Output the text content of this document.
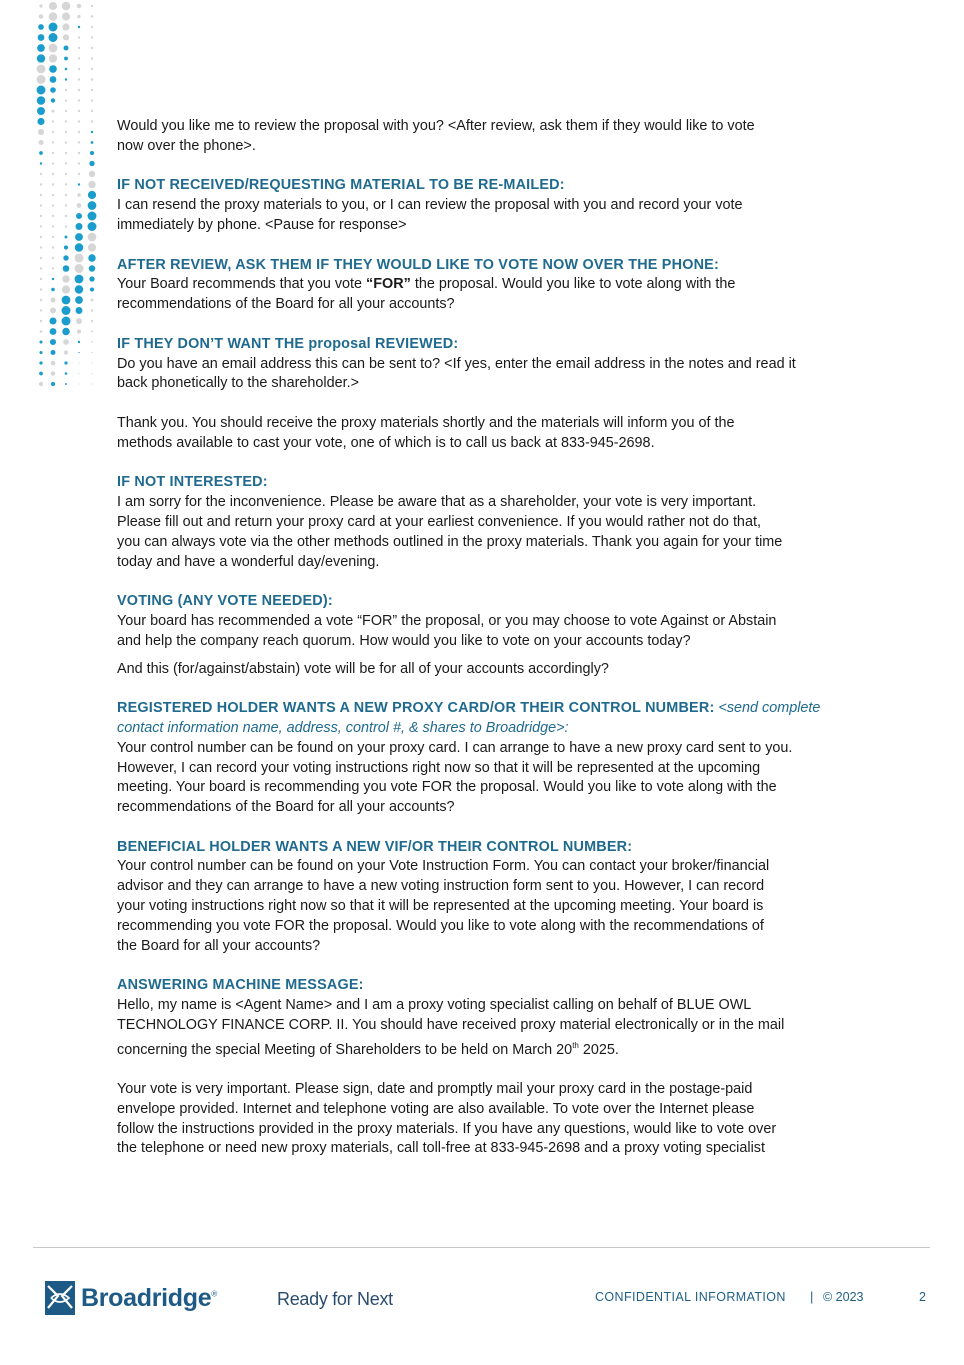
Would you like me to review the proposal with you? <After review, ask them if they would like to vote
now over the phone>.

IF NOT RECEIVED/REQUESTING MATERIAL TO BE RE-MAILED:

I can resend the proxy materials to you, or I can review the proposal with you and record your vote
immediately by phone. <Pause for response>

AFTER REVIEW, ASK THEM IF THEY WOULD LIKE TO VOTE NOW OVER THE PHONE:

Your Board recommends that you vote “FOR” the proposal. Would you like to vote along with the
recommendations of the Board for all your accounts?

IF THEY DON’T WANT THE proposal REVIEWED:

Do you have an email address this can be sent to? <If yes, enter the email address in the notes and read it
back phonetically to the shareholder.>

Thank you. You should receive the proxy materials shortly and the materials will inform you of the
methods available to cast your vote, one of which is to call us back at 833-945-2698.

IF NOT INTERESTED:

I am sorry for the inconvenience. Please be aware that as a shareholder, your vote is very important.
Please fill out and return your proxy card at your earliest convenience. If you would rather not do that,
you can always vote via the other methods outlined in the proxy materials. Thank you again for your time
today and have a wonderful day/evening.

VOTING (ANY VOTE NEEDED):

Your board has recommended a vote “FOR” the proposal, or you may choose to vote Against or Abstain
and help the company reach quorum. How would you like to vote on your accounts today?

And this (for/against/abstain) vote will be for all of your accounts accordingly?

REGISTERED HOLDER WANTS A NEW PROXY CARD/OR THEIR CONTROL NUMBER: <send complete
contact information name, address, control #, & shares to Broadridge>:

Your control number can be found on your proxy card. I can arrange to have a new proxy card sent to you.
However, I can record your voting instructions right now so that it will be represented at the upcoming
meeting. Your board is recommending you vote FOR the proposal. Would you like to vote along with the
recommendations of the Board for all your accounts?

BENEFICIAL HOLDER WANTS A NEW VIF/OR THEIR CONTROL NUMBER:

Your control number can be found on your Vote Instruction Form. You can contact your broker/financial
advisor and they can arrange to have a new voting instruction form sent to you. However, I can record
your voting instructions right now so that it will be represented at the upcoming meeting. Your board is
recommending you vote FOR the proposal. Would you like to vote along with the recommendations of
the Board for all your accounts?

ANSWERING MACHINE MESSAGE:

Hello, my name is <Agent Name> and I am a proxy voting specialist calling on behalf of BLUE OWL
TECHNOLOGY FINANCE CORP. II. You should have received proxy material electronically or in the mail
concerning the special Meeting of Shareholders to be held on March 20th 2025.

Your vote is very important. Please sign, date and promptly mail your proxy card in the postage-paid
envelope provided. Internet and telephone voting are also available. To vote over the Internet please
follow the instructions provided in the proxy materials. If you have any questions, would like to vote over
the telephone or need new proxy materials, call toll-free at 833-945-2698 and a proxy voting specialist

Broadridge®	Ready for Next	CONFIDENTIAL INFORMATION | © 2023	2
